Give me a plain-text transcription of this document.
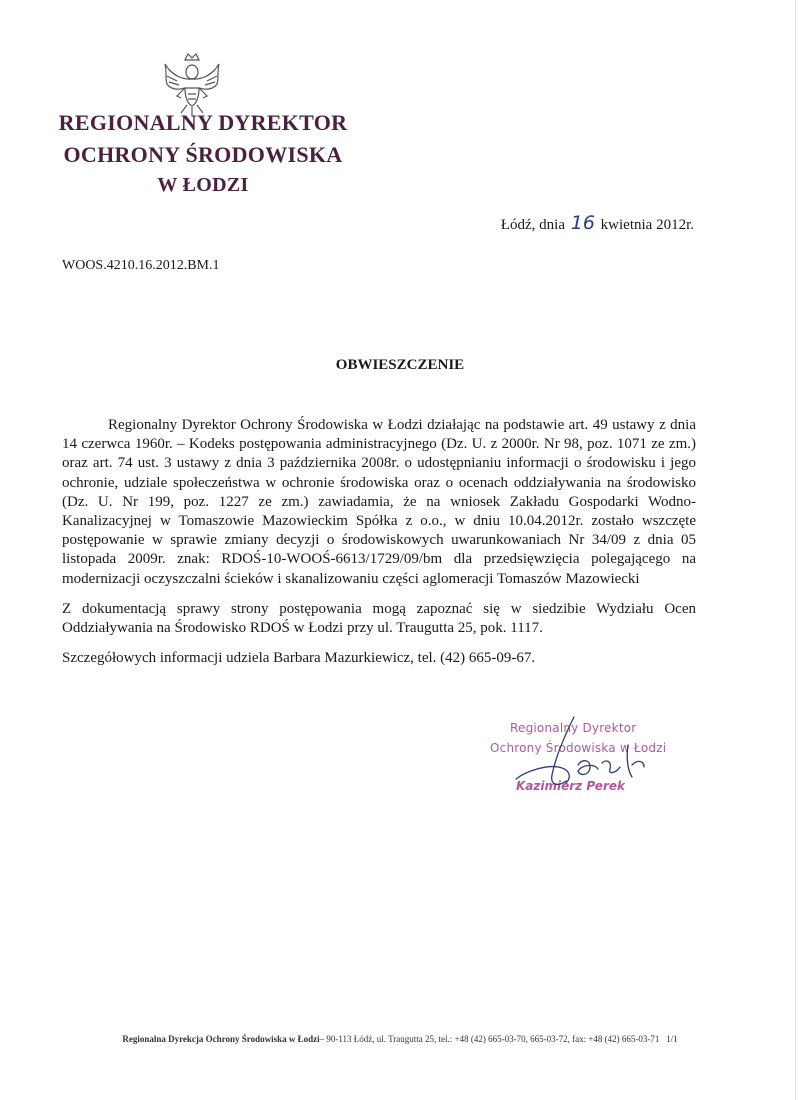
REGIONALNY DYREKTOR
OCHRONY ŚRODOWISKA
W ŁODZI
Łódź, dnia 16 kwietnia 2012r.
WOOS.4210.16.2012.BM.1
OBWIESZCZENIE

Regionalny Dyrektor Ochrony Środowiska w Łodzi działając na podstawie art. 49 ustawy z dnia 14 czerwca 1960r. – Kodeks postępowania administracyjnego (Dz. U. z 2000r. Nr 98, poz. 1071 ze zm.) oraz art. 74 ust. 3 ustawy z dnia 3 października 2008r. o udostępnianiu informacji o środowisku i jego ochronie, udziale społeczeństwa w ochronie środowiska oraz o ocenach oddziaływania na środowisko (Dz. U. Nr 199, poz. 1227 ze zm.) zawiadamia, że na wniosek Zakładu Gospodarki Wodno-Kanalizacyjnej w Tomaszowie Mazowieckim Spółka z o.o., w dniu 10.04.2012r. zostało wszczęte postępowanie w sprawie zmiany decyzji o środowiskowych uwarunkowaniach Nr 34/09 z dnia 05 listopada 2009r. znak: RDOŚ-10-WOOŚ-6613/1729/09/bm dla przedsięwzięcia polegającego na modernizacji oczyszczalni ścieków i skanalizowaniu części aglomeracji Tomaszów Mazowiecki

Z dokumentacją sprawy strony postępowania mogą zapoznać się w siedzibie Wydziału Ocen Oddziaływania na Środowisko RDOŚ w Łodzi przy ul. Traugutta 25, pok. 1117.

Szczegółowych informacji udziela Barbara Mazurkiewicz, tel. (42) 665-09-67.

Regionalny Dyrektor
Ochrony Środowiska w Łodzi
Kazimierz Perek
Regionalna Dyrekcja Ochrony Środowiska w Łodzi– 90-113 Łódź, ul. Traugutta 25, tel.: +48 (42) 665-03-70, 665-03-72, fax: +48 (42) 665-03-71 1/1
